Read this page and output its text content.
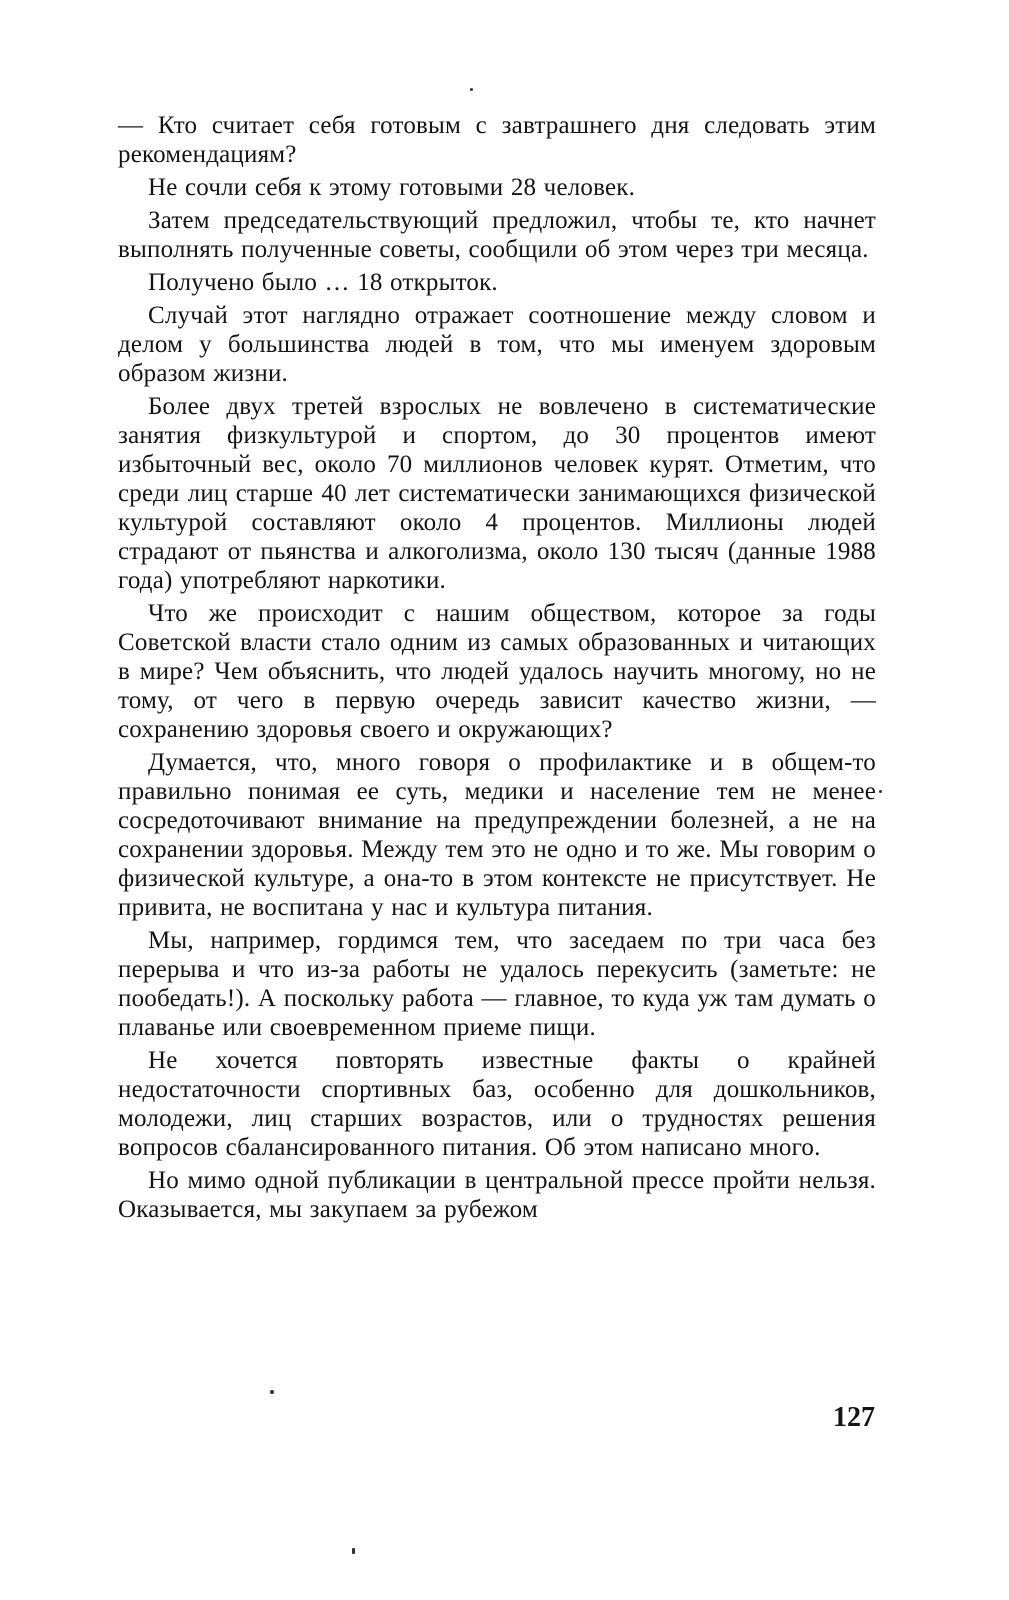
— Кто считает себя готовым с завтрашнего дня следовать этим рекомендациям?

Не сочли себя к этому готовыми 28 человек.

Затем председательствующий предложил, чтобы те, кто начнет выполнять полученные советы, сообщили об этом через три месяца.

Получено было … 18 открыток.

Случай этот наглядно отражает соотношение между словом и делом у большинства людей в том, что мы именуем здоровым образом жизни.

Более двух третей взрослых не вовлечено в систематические занятия физкультурой и спортом, до 30 процентов имеют избыточный вес, около 70 миллионов человек курят. Отметим, что среди лиц старше 40 лет систематически занимающихся физической культурой составляют около 4 процентов. Миллионы людей страдают от пьянства и алкоголизма, около 130 тысяч (данные 1988 года) употребляют наркотики.

Что же происходит с нашим обществом, которое за годы Советской власти стало одним из самых образованных и читающих в мире? Чем объяснить, что людей удалось научить многому, но не тому, от чего в первую очередь зависит качество жизни, — сохранению здоровья своего и окружающих?

Думается, что, много говоря о профилактике и в общем-то правильно понимая ее суть, медики и население тем не менее сосредоточивают внимание на предупреждении болезней, а не на сохранении здоровья. Между тем это не одно и то же. Мы говорим о физической культуре, а она-то в этом контексте не присутствует. Не привита, не воспитана у нас и культура питания.

Мы, например, гордимся тем, что заседаем по три часа без перерыва и что из-за работы не удалось перекусить (заметьте: не пообедать!). А поскольку работа — главное, то куда уж там думать о плаванье или своевременном приеме пищи.

Не хочется повторять известные факты о крайней недостаточности спортивных баз, особенно для дошкольников, молодежи, лиц старших возрастов, или о трудностях решения вопросов сбалансированного питания. Об этом написано много.

Но мимо одной публикации в центральной прессе пройти нельзя. Оказывается, мы закупаем за рубежом

127
